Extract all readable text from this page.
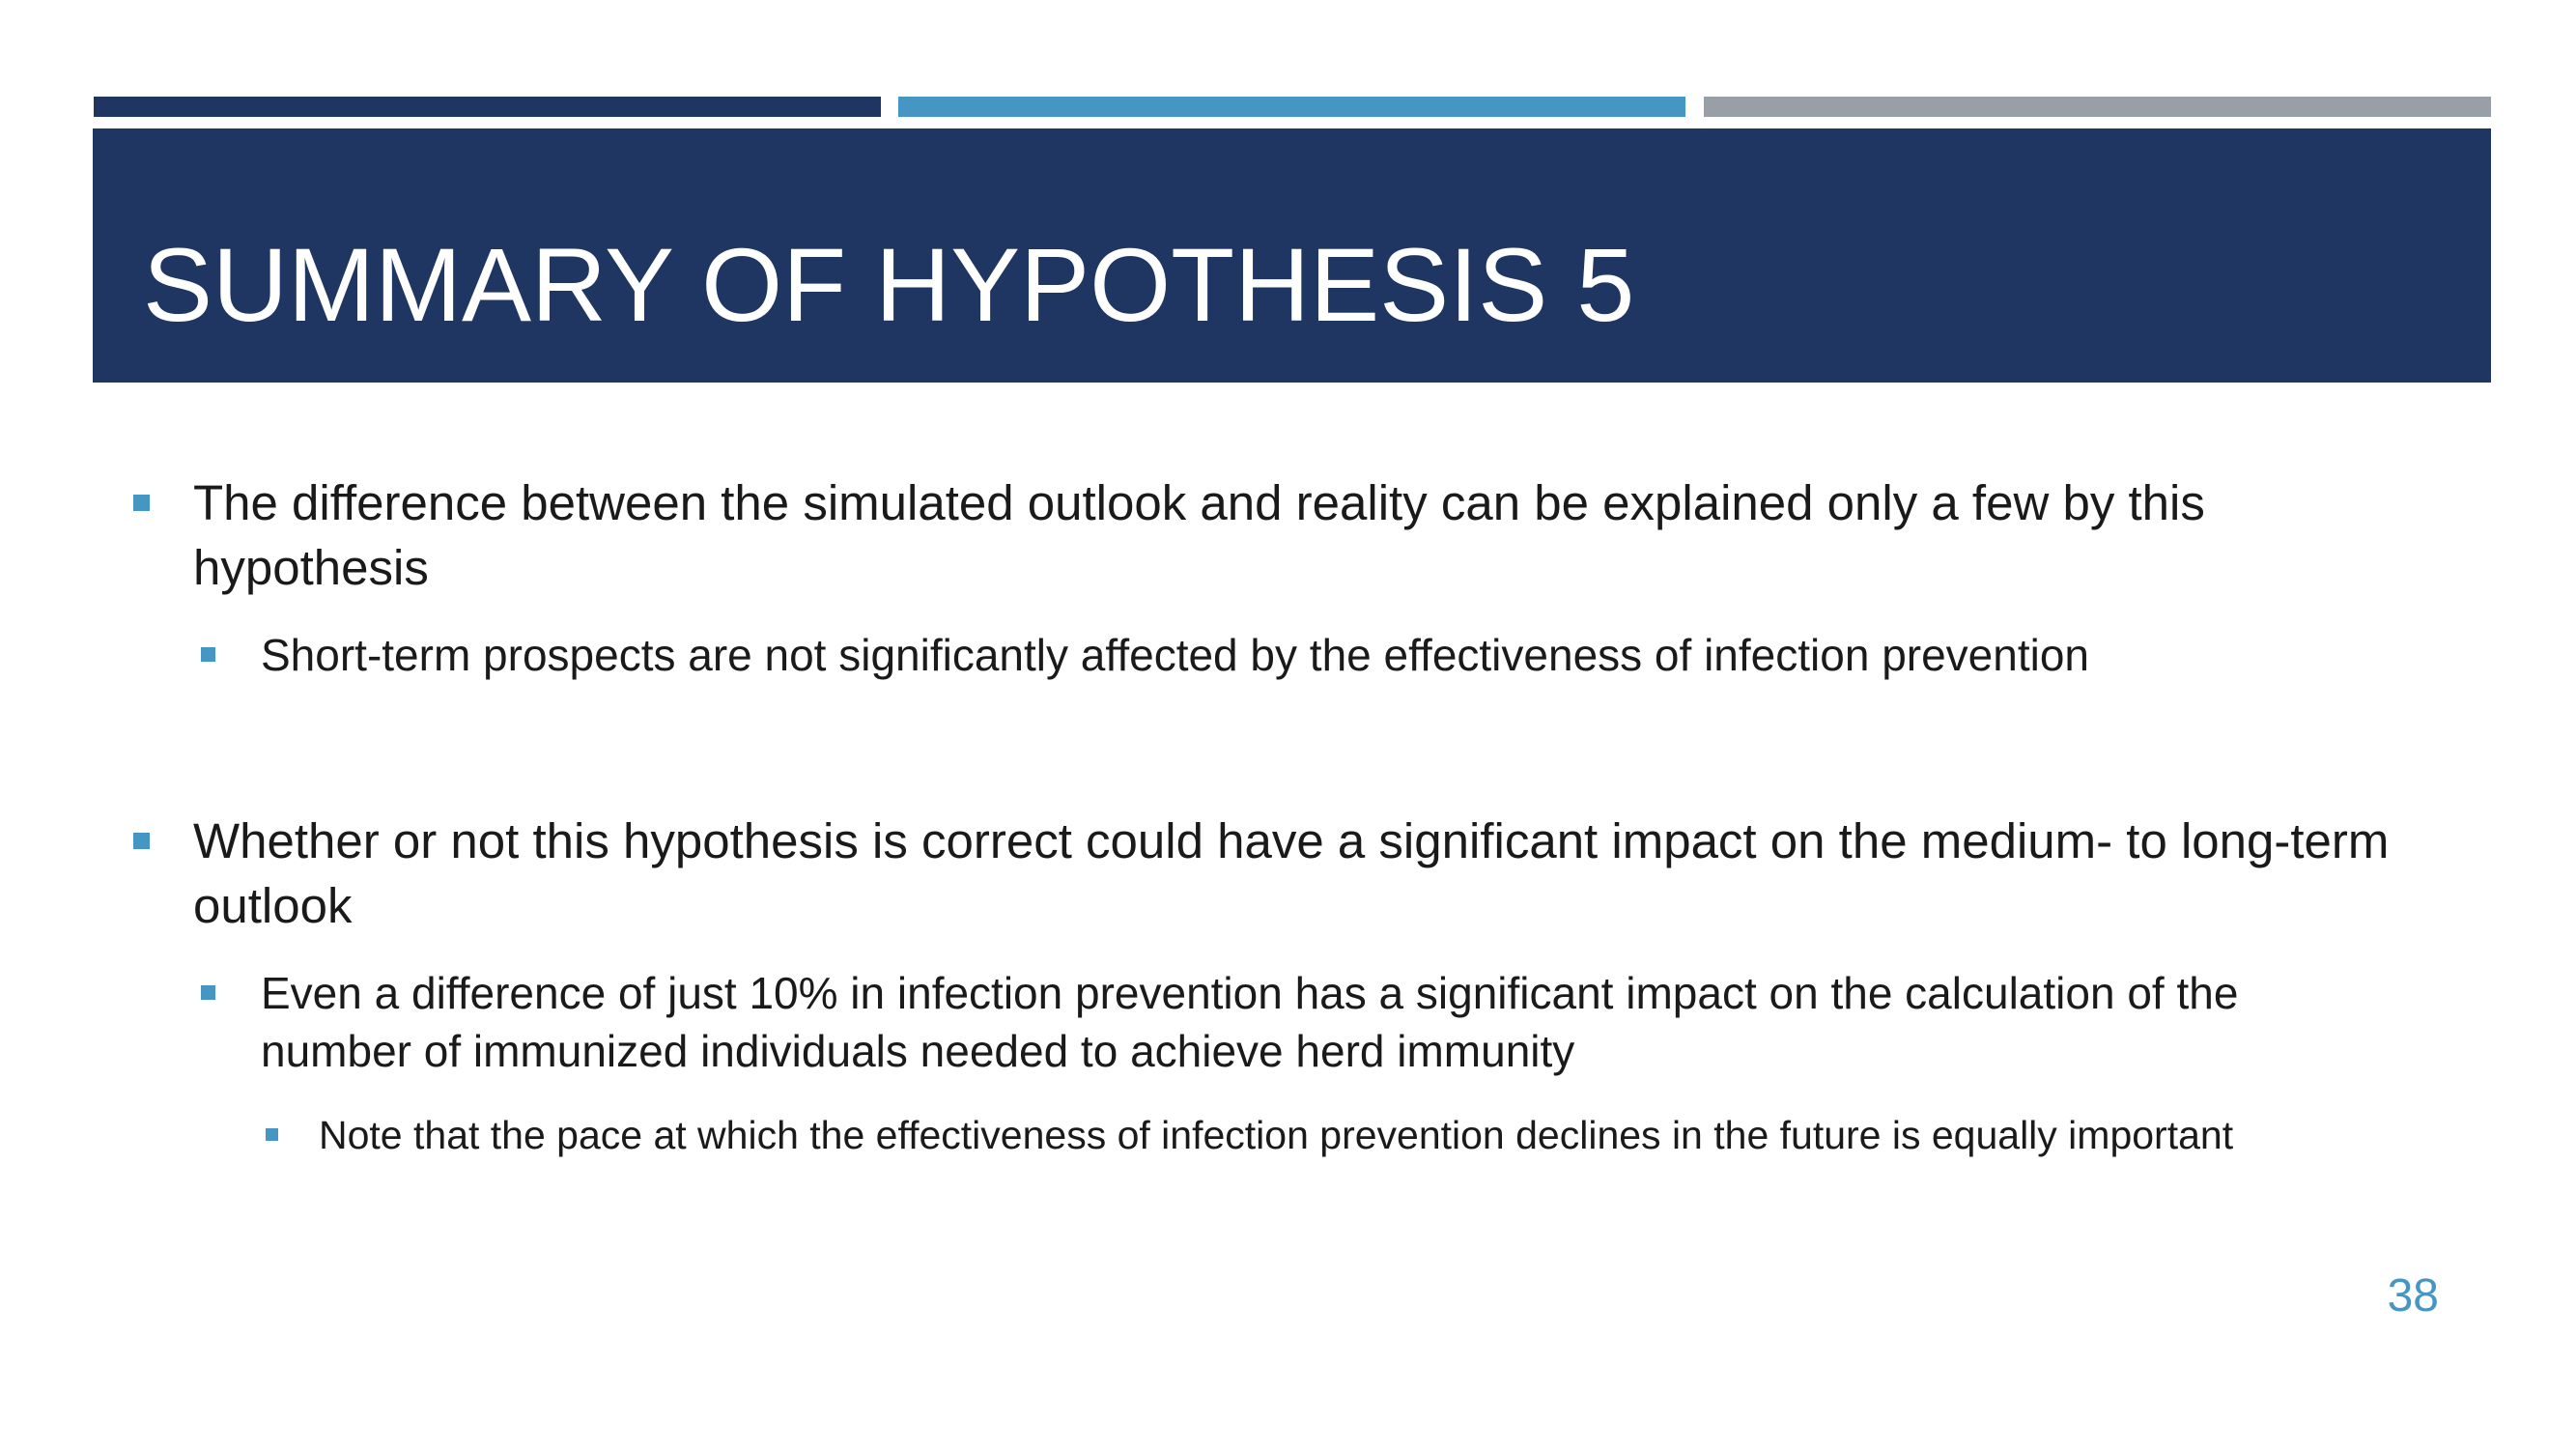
SUMMARY OF HYPOTHESIS 5
The difference between the simulated outlook and reality can be explained only a few by this hypothesis
Short-term prospects are not significantly affected by the effectiveness of infection prevention
Whether or not this hypothesis is correct could have a significant impact on the medium- to long-term outlook
Even a difference of just 10% in infection prevention has a significant impact on the calculation of the number of immunized individuals needed to achieve herd immunity
Note that the pace at which the effectiveness of infection prevention declines in the future is equally important
38
